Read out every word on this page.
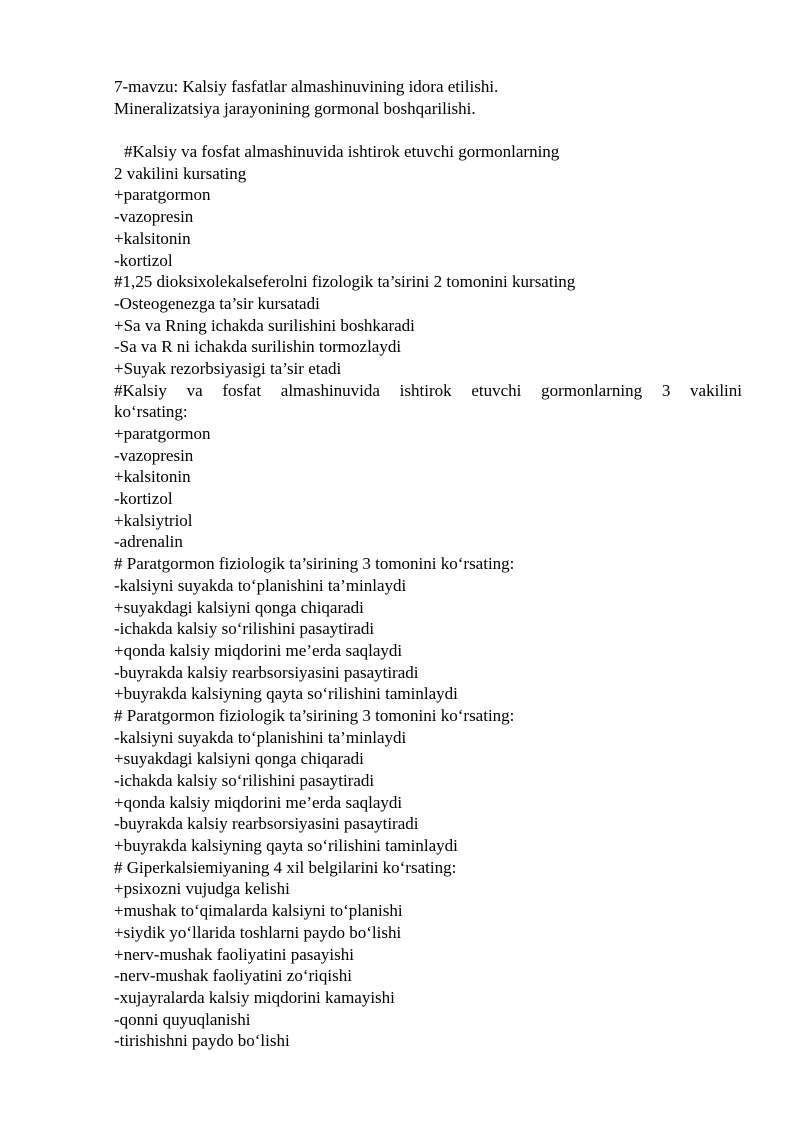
7-mavzu: Kalsiy fasfatlar almashinuvining idora etilishi.
Mineralizatsiya jarayonining gormonal boshqarilishi.
#Kalsiy va fosfat almashinuvida ishtirok etuvchi gormonlarning
2 vakilini kursating
+paratgormon
-vazopresin
+kalsitonin
-kortizol
#1,25 dioksixolekalseferolni fizologik ta’sirini 2 tomonini kursating
-Osteogenezga ta’sir kursatadi
+Sa va Rning ichakda surilishini boshkaradi
-Sa va R ni ichakda surilishin tormozlaydi
+Suyak rezorbsiyasigi ta’sir etadi
#Kalsiy va fosfat almashinuvida ishtirok etuvchi gormonlarning 3 vakilini
ko‘rsating:
+paratgormon
-vazopresin
+kalsitonin
-kortizol
+kalsiytriol
-adrenalin
# Paratgormon fiziologik ta’sirining 3 tomonini ko‘rsating:
-kalsiyni suyakda to‘planishini ta’minlaydi
+suyakdagi kalsiyni qonga chiqaradi
-ichakda kalsiy so‘rilishini pasaytiradi
+qonda kalsiy miqdorini me’erda saqlaydi
-buyrakda kalsiy rearbsorsiyasini pasaytiradi
+buyrakda kalsiyning qayta so‘rilishini taminlaydi
# Paratgormon fiziologik ta’sirining 3 tomonini ko‘rsating:
-kalsiyni suyakda to‘planishini ta’minlaydi
+suyakdagi kalsiyni qonga chiqaradi
-ichakda kalsiy so‘rilishini pasaytiradi
+qonda kalsiy miqdorini me’erda saqlaydi
-buyrakda kalsiy rearbsorsiyasini pasaytiradi
+buyrakda kalsiyning qayta so‘rilishini taminlaydi
# Giperkalsiemiyaning 4 xil belgilarini ko‘rsating:
+psixozni vujudga kelishi
+mushak to‘qimalarda kalsiyni to‘planishi
+siydik yo‘llarida toshlarni paydo bo‘lishi
+nerv-mushak faoliyatini pasayishi
-nerv-mushak faoliyatini zo‘riqishi
-xujayralarda kalsiy miqdorini kamayishi
-qonni quyuqlanishi
-tirishishni paydo bo‘lishi
